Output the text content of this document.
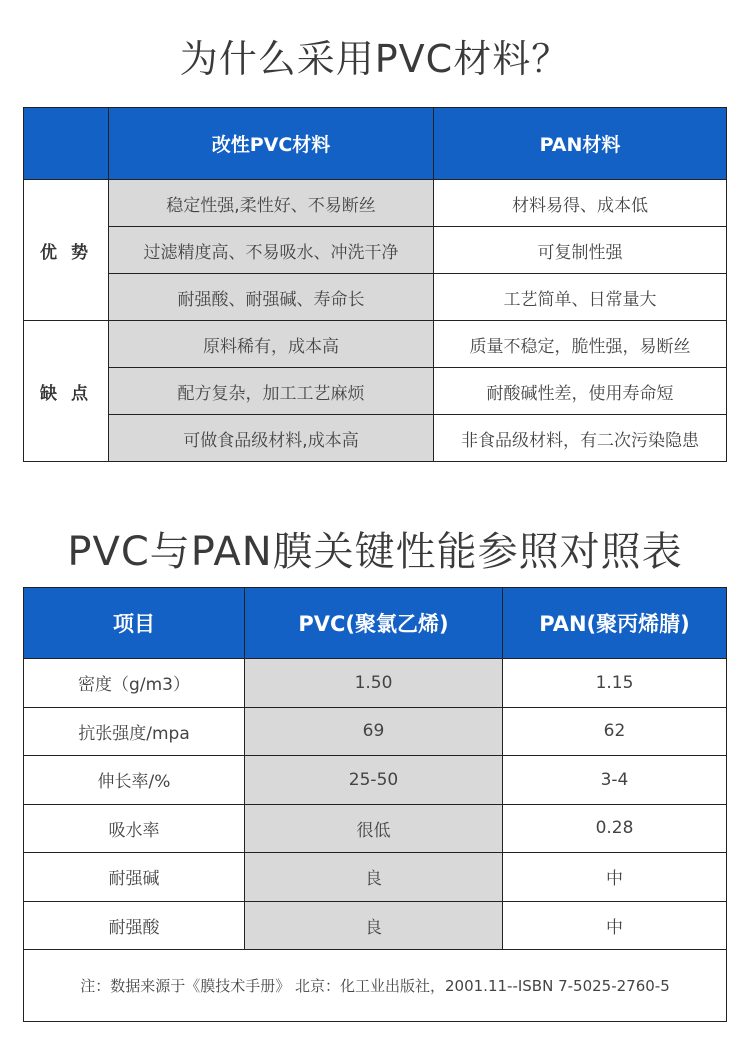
为什么采用PVC材料？
	改性PVC材料	PAN材料
优 势	稳定性强,柔性好、不易断丝	材料易得、成本低
	过滤精度高、不易吸水、冲洗干净	可复制性强
	耐强酸、耐强碱、寿命长	工艺简单、日常量大
缺 点	原料稀有，成本高	质量不稳定，脆性强，易断丝
	配方复杂，加工工艺麻烦	耐酸碱性差，使用寿命短
	可做食品级材料,成本高	非食品级材料，有二次污染隐患
PVC与PAN膜关键性能参照对照表
项目	PVC(聚氯乙烯)	PAN(聚丙烯腈)
密度（g/m3）	1.50	1.15
抗张强度/mpa	69	62
伸长率/%	25-50	3-4
吸水率	很低	0.28
耐强碱	良	中
耐强酸	良	中
注：数据来源于《膜技术手册》 北京：化工业出版社，2001.11--ISBN 7-5025-2760-5		
